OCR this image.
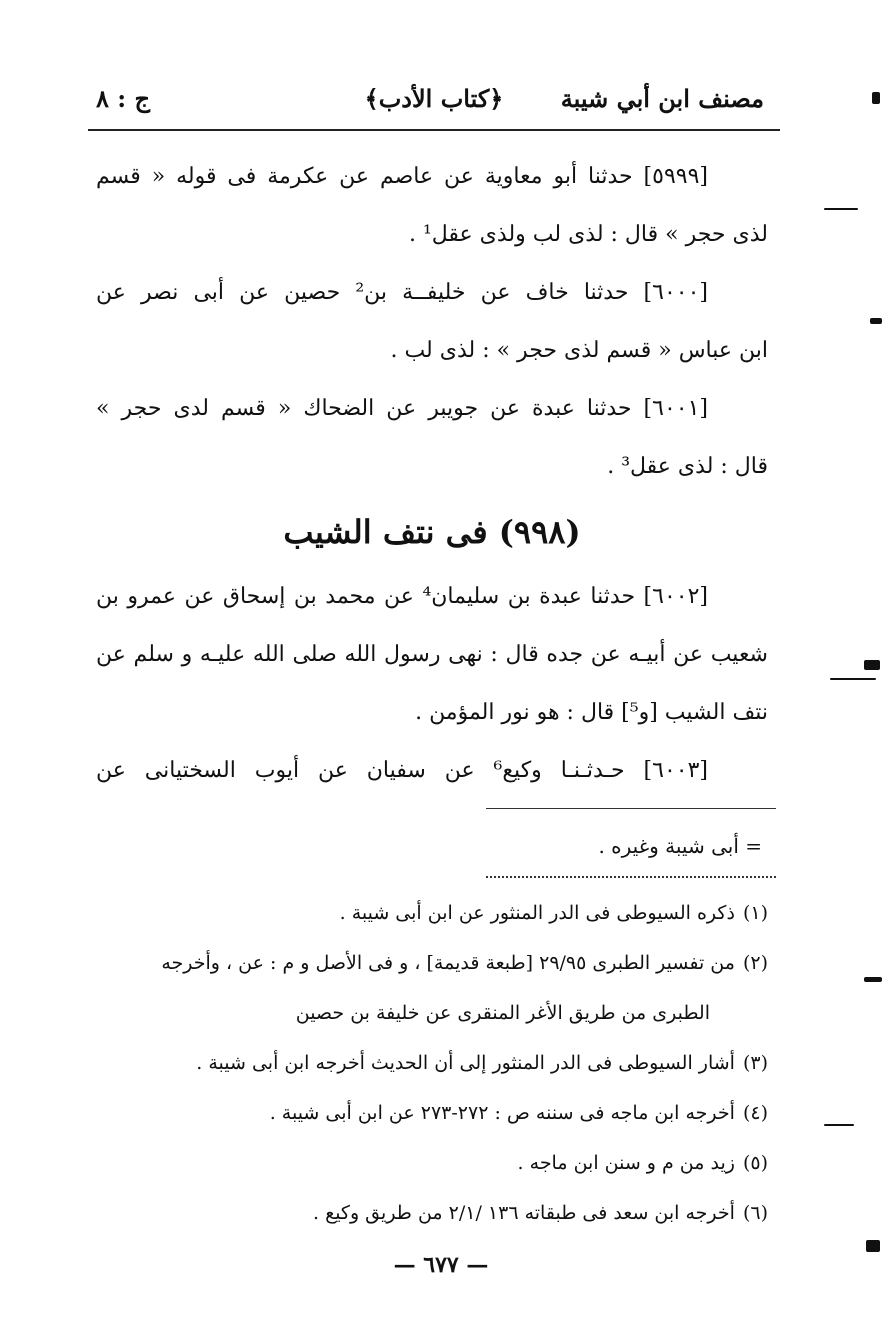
مصنف ابن أبي شيبة
﴿كتاب الأدب﴾
ج : ٨
[٥٩٩٩] حدثنا أبو معاوية عن عاصم عن عكرمة فى قوله « قسم
لذى حجر » قال : لذى لب ولذى عقل¹ .
[٦٠٠٠] حدثنا خاف عن خليفــة بن² حصين عن أبى نصر عن
ابن عباس « قسم لذى حجر » : لذى لب .
[٦٠٠١] حدثنا عبدة عن جويبر عن الضحاك « قسم لدى حجر »
قال : لذى عقل³ .
(٩٩٨) فى نتف الشيب
[٦٠٠٢] حدثنا عبدة بن سليمان⁴ عن محمد بن إسحاق عن عمرو بن
شعيب عن أبيـه عن جده قال : نهى رسول الله صلى الله عليـه و سلم عن
نتف الشيب [و⁵] قال : هو نور المؤمن .
[٦٠٠٣] حـدثـنـا وكيع⁶ عن سفيان عن أيوب السختيانى عن
= أبى شيبة وغيره .
(١)ذكره السيوطى فى الدر المنثور عن ابن أبى شيبة .
(٢)من تفسير الطبرى ٢٩/٩٥ [طبعة قديمة] ، و فى الأصل و م : عن ، وأخرجه
الطبرى من طريق الأغر المنقرى عن خليفة بن حصين
(٣)أشار السيوطى فى الدر المنثور إلى أن الحديث أخرجه ابن أبى شيبة .
(٤)أخرجه ابن ماجه فى سننه ص : ٢٧٢-٢٧٣ عن ابن أبى شيبة .
(٥)زيد من م و سنن ابن ماجه .
(٦)أخرجه ابن سعد فى طبقاته ١٣٦ /٢/١ من طريق وكيع .
— ٦٧٧ —
